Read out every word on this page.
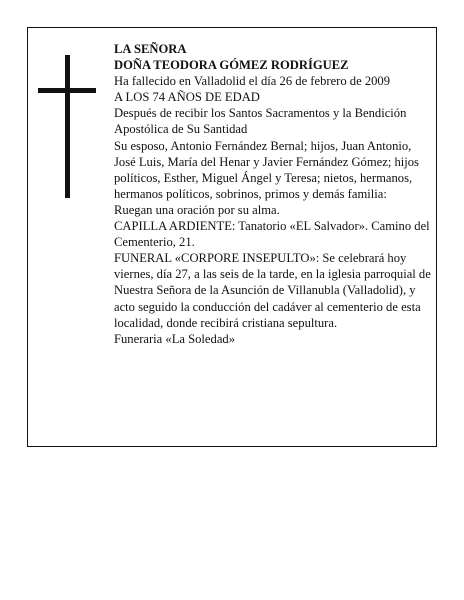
LA SEÑORA

DOÑA TEODORA GÓMEZ RODRÍGUEZ

Ha fallecido en Valladolid el día 26 de febrero de 2009

A LOS 74 AÑOS DE EDAD

Después de recibir los Santos Sacramentos y la Bendición Apostólica de Su Santidad

Su esposo, Antonio Fernández Bernal; hijos, Juan Antonio, José Luis, María del Henar y Javier Fernández Gómez; hijos políticos, Esther, Miguel Ángel y Teresa; nietos, hermanos, hermanos políticos, sobrinos, primos y demás familia:

Ruegan una oración por su alma.

CAPILLA ARDIENTE: Tanatorio «EL Salvador». Camino del Cementerio, 21.

FUNERAL «CORPORE INSEPULTO»: Se celebrará hoy viernes, día 27, a las seis de la tarde, en la iglesia parroquial de Nuestra Señora de la Asunción de Villanubla (Valladolid), y acto seguido la conducción del cadáver al cementerio de esta localidad, donde recibirá cristiana sepultura.

Funeraria «La Soledad»
